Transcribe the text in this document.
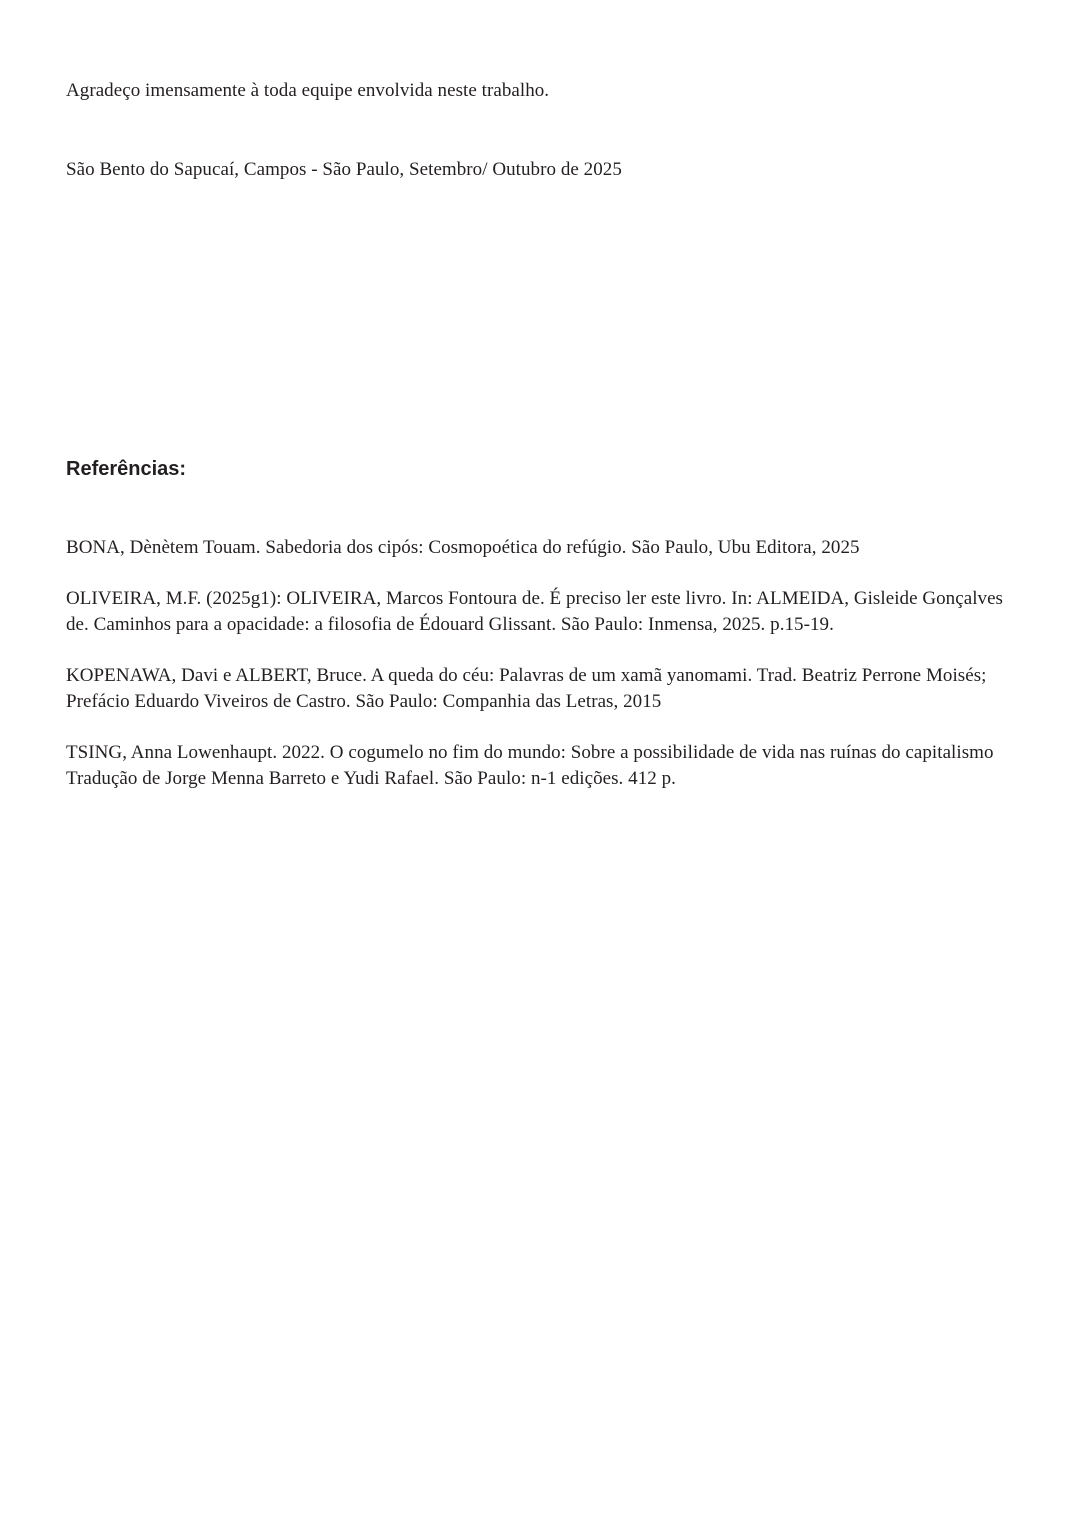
Agradeço imensamente à toda equipe envolvida neste trabalho.

São Bento do Sapucaí, Campos - São Paulo, Setembro/ Outubro de 2025

Referências:
BONA, Dènètem Touam. Sabedoria dos cipós: Cosmopoética do refúgio. São Paulo, Ubu Editora, 2025
OLIVEIRA, M.F. (2025g1): OLIVEIRA, Marcos Fontoura de. É preciso ler este livro. In: ALMEIDA, Gisleide Gonçalves de. Caminhos para a opacidade: a filosofia de Édouard Glissant. São Paulo: Inmensa, 2025. p.15-19.
KOPENAWA, Davi e ALBERT, Bruce. A queda do céu: Palavras de um xamã yanomami. Trad. Beatriz Perrone Moisés; Prefácio Eduardo Viveiros de Castro. São Paulo: Companhia das Letras, 2015
TSING, Anna Lowenhaupt. 2022. O cogumelo no fim do mundo: Sobre a possibilidade de vida nas ruínas do capitalismo Tradução de Jorge Menna Barreto e Yudi Rafael. São Paulo: n-1 edições. 412 p.
